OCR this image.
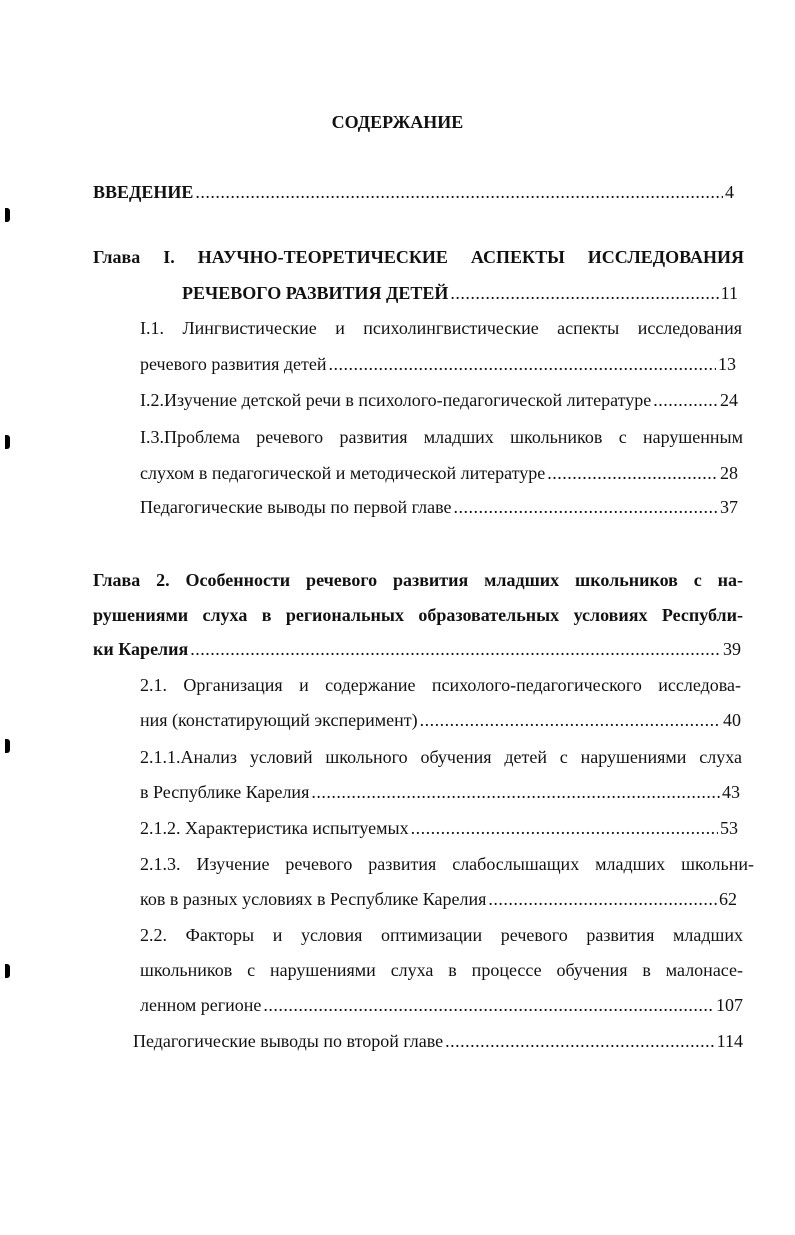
СОДЕРЖАНИЕ
ВВЕДЕНИЕ .....	4
Глава I. НАУЧНО-ТЕОРЕТИЧЕСКИЕ АСПЕКТЫ ИССЛЕДОВАНИЯ
РЕЧЕВОГО РАЗВИТИЯ ДЕТЕЙ .....	11
I.1. Лингвистические и психолингвистические аспекты исследования
речевого развития детей .....	13
I.2.Изучение детской речи в психолого-педагогической литературе .....	24
I.3.Проблема речевого развития младших школьников с нарушенным
слухом в педагогической и методической литературе .....	28
Педагогические выводы по первой главе .....	37
Глава 2. Особенности речевого развития младших школьников с на-
рушениями слуха в региональных образовательных условиях Республи-
ки Карелия .....	39
2.1. Организация и содержание психолого-педагогического исследова-
ния (констатирующий эксперимент) .....	40
2.1.1.Анализ условий школьного обучения детей с нарушениями слуха
в Республике Карелия .....	43
2.1.2. Характеристика испытуемых .....	53
2.1.3. Изучение речевого развития слабослышащих младших школьни-
ков в разных условиях в Республике Карелия .....	62
2.2. Факторы и условия оптимизации речевого развития младших
школьников с нарушениями слуха в процессе обучения в малонасе-
ленном регионе .....	107
Педагогические выводы по второй главе .....	114
